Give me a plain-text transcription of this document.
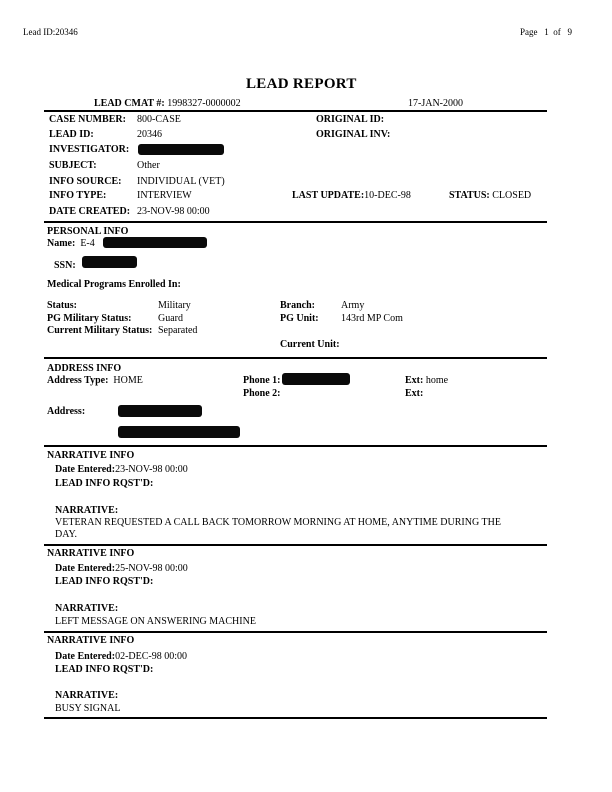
Lead ID:20346	Page 1 of 9
LEAD REPORT
LEAD CMAT #: 1998327-0000002	17-JAN-2000
CASE NUMBER: 800-CASE	ORIGINAL ID:
LEAD ID:	20346	ORIGINAL INV:
INVESTIGATOR:
SUBJECT:	Other
INFO SOURCE: INDIVIDUAL (VET)
INFO TYPE:	INTERVIEW	LAST UPDATE:10-DEC-98	STATUS: CLOSED
DATE CREATED: 23-NOV-98 00:00
PERSONAL INFO
Name: E-4
SSN:
Medical Programs Enrolled In:
Status:	Military	Branch:	Army
PG Military Status:	Guard	PG Unit: 143rd MP Com
Current Military Status: Separated
Current Unit:
ADDRESS INFO
Address Type: HOME	Phone 1:	Ext: home
Phone 2:	Ext:
Address:
NARRATIVE INFO
Date Entered:23-NOV-98 00:00
LEAD INFO RQST'D:
NARRATIVE:
VETERAN REQUESTED A CALL BACK TOMORROW MORNING AT HOME, ANYTIME DURING THE
DAY.
NARRATIVE INFO
Date Entered:25-NOV-98 00:00
LEAD INFO RQST'D:
NARRATIVE:
LEFT MESSAGE ON ANSWERING MACHINE
NARRATIVE INFO
Date Entered:02-DEC-98 00:00
LEAD INFO RQST'D:
NARRATIVE:
BUSY SIGNAL
